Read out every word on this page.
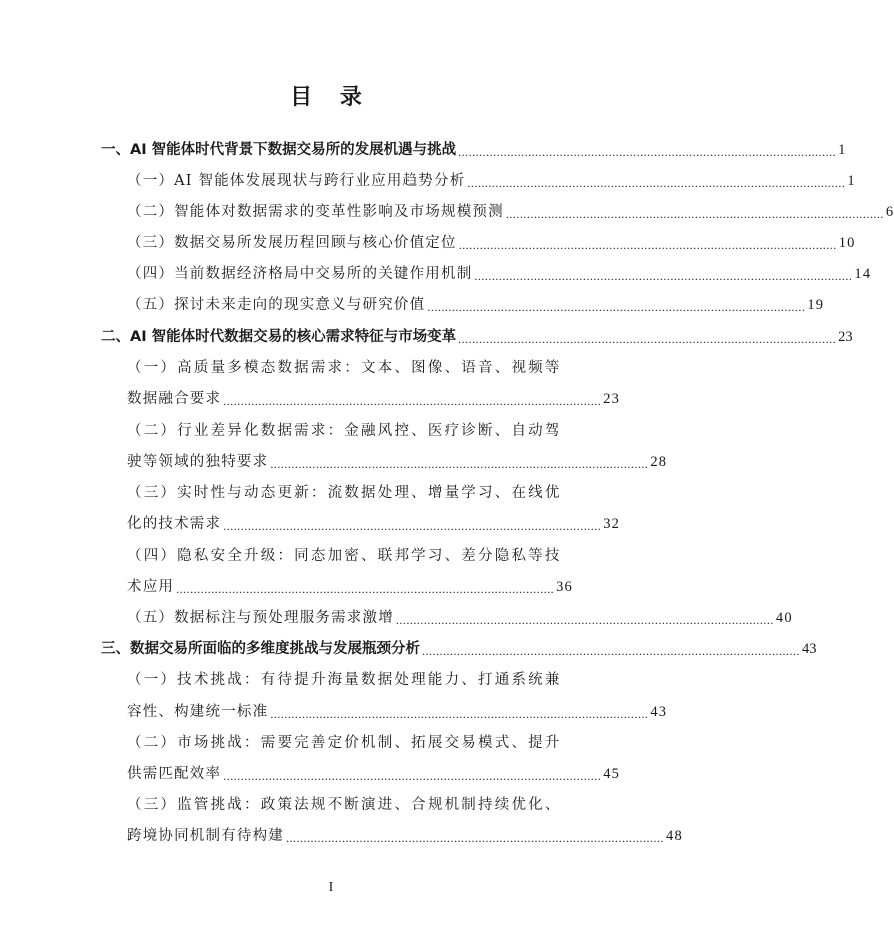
目 录
一、AI 智能体时代背景下数据交易所的发展机遇与挑战 ............................................................................................................ 1
（一）AI 智能体发展现状与跨行业应用趋势分析 ............................................................................................................ 1
（二）智能体对数据需求的变革性影响及市场规模预测 ............................................................................................................ 6
（三）数据交易所发展历程回顾与核心价值定位 ............................................................................................................ 10
（四）当前数据经济格局中交易所的关键作用机制 ............................................................................................................ 14
（五）探讨未来走向的现实意义与研究价值 ............................................................................................................ 19
二、AI 智能体时代数据交易的核心需求特征与市场变革 ............................................................................................................ 23
（一）高质量多模态数据需求：文本、图像、语音、视频等
数据融合要求 ............................................................................................................ 23
（二）行业差异化数据需求：金融风控、医疗诊断、自动驾
驶等领域的独特要求 ............................................................................................................ 28
（三）实时性与动态更新：流数据处理、增量学习、在线优
化的技术需求 ............................................................................................................ 32
（四）隐私安全升级：同态加密、联邦学习、差分隐私等技
术应用 ............................................................................................................ 36
（五）数据标注与预处理服务需求激增 ............................................................................................................ 40
三、数据交易所面临的多维度挑战与发展瓶颈分析 ............................................................................................................ 43
（一）技术挑战：有待提升海量数据处理能力、打通系统兼
容性、构建统一标准 ............................................................................................................ 43
（二）市场挑战：需要完善定价机制、拓展交易模式、提升
供需匹配效率 ............................................................................................................ 45
（三）监管挑战：政策法规不断演进、合规机制持续优化、
跨境协同机制有待构建 ............................................................................................................ 48
I
